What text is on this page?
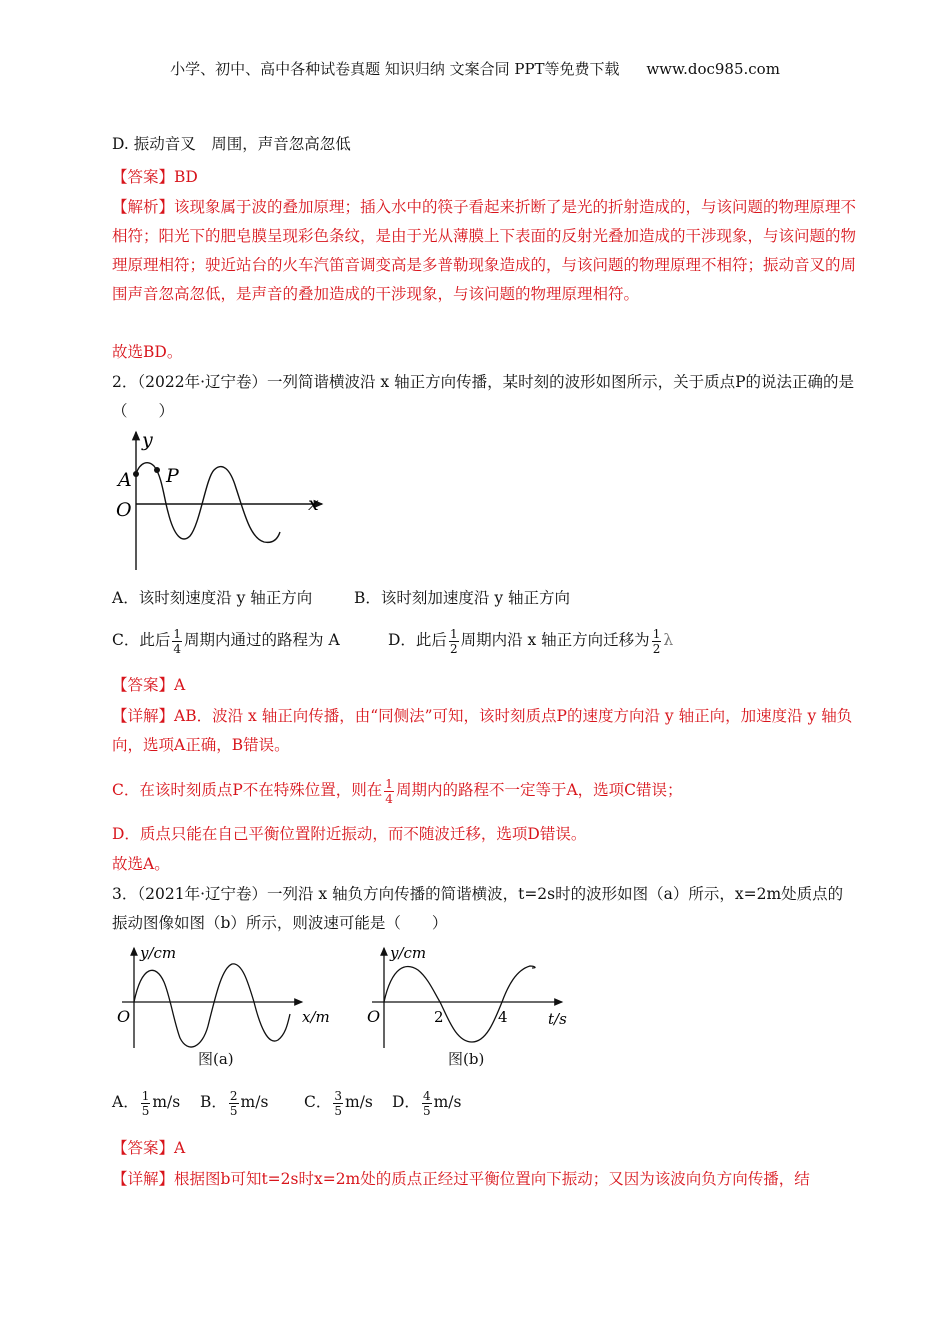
小学、初中、高中各种试卷真题 知识归纳 文案合同 PPT等免费下载 www.doc985.com
D. 振动音叉　周围，声音忽高忽低
【答案】BD
【解析】该现象属于波的叠加原理；插入水中的筷子看起来折断了是光的折射造成的，与该问题的物理原理不相符；阳光下的肥皂膜呈现彩色条纹，是由于光从薄膜上下表面的反射光叠加造成的干涉现象，与该问题的物理原理相符；驶近站台的火车汽笛音调变高是多普勒现象造成的，与该问题的物理原理不相符；振动音叉的周围声音忽高忽低，是声音的叠加造成的干涉现象，与该问题的物理原理相符。
故选BD。
2．（2022年·辽宁卷）一列简谐横波沿 x 轴正方向传播，某时刻的波形如图所示，关于质点P的说法正确的是（　　）
y
x
O
A P
A．该时刻速度沿 y 轴正方向	B．该时刻加速度沿 y 轴正方向
C．此后 $\frac{1}{4}$ 周期内通过的路程为 A	D．此后 $\frac{1}{2}$ 周期内沿 x 轴正方向迁移为 $\frac{1}{2}$ λ
【答案】A
【详解】AB．波沿 x 轴正向传播，由“同侧法”可知，该时刻质点P的速度方向沿 y 轴正向，加速度沿 y 轴负向，选项A正确，B错误。
C．在该时刻质点P不在特殊位置，则在 $\frac{1}{4}$ 周期内的路程不一定等于A，选项C错误；
D．质点只能在自己平衡位置附近振动，而不随波迁移，选项D错误。
故选A。
3．（2021年·辽宁卷）一列沿 x 轴负方向传播的简谐横波，t=2s时的波形如图（a）所示，x=2m处质点的振动图像如图（b）所示，则波速可能是（　　）
y/cm
x/m
O
图(a)
y/cm
t/s
O	2	4
图(b)
A． $\frac{1}{5} m/s$ B． $\frac{2}{5} m/s$ C． $\frac{3}{5} m/s$ D． $\frac{4}{5} m/s$
【答案】A
【详解】根据图b可知t=2s时x=2m处的质点正经过平衡位置向下振动；又因为该波向负方向传播，结
